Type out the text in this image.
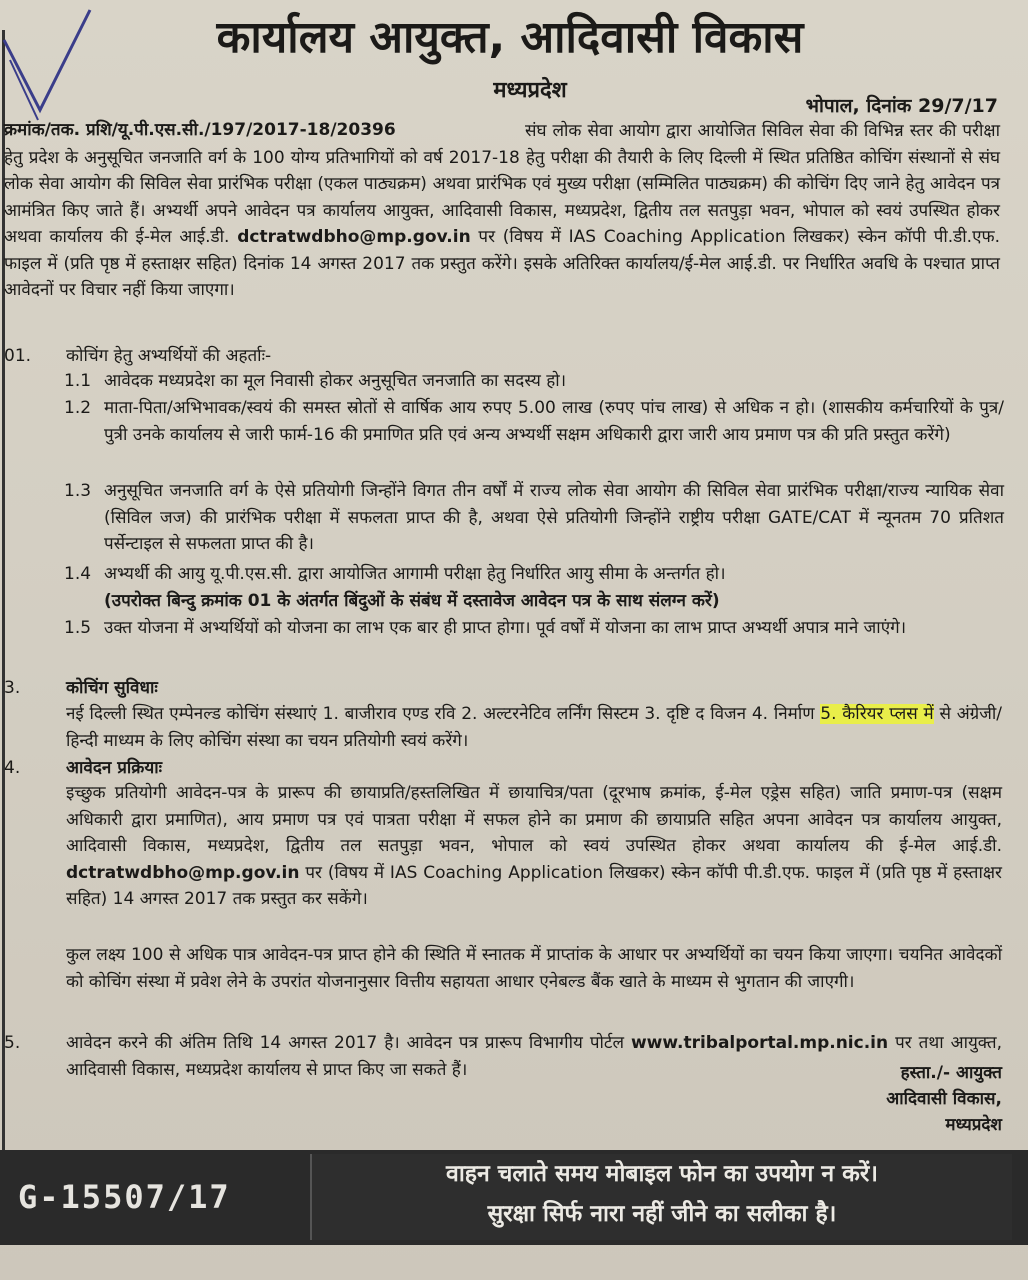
कार्यालय आयुक्त, आदिवासी विकास
मध्यप्रदेश
भोपाल, दिनांक 29/7/17
क्रमांक/तक. प्रशि/यू.पी.एस.सी./197/2017-18/20396	संघ लोक सेवा आयोग द्वारा आयोजित सिविल सेवा की विभिन्न स्तर की परीक्षा हेतु प्रदेश के अनुसूचित जनजाति वर्ग के 100 योग्य प्रतिभागियों को वर्ष 2017-18 हेतु परीक्षा की तैयारी के लिए दिल्ली में स्थित प्रतिष्ठित कोचिंग संस्थानों से संघ लोक सेवा आयोग की सिविल सेवा प्रारंभिक परीक्षा (एकल पाठ्यक्रम) अथवा प्रारंभिक एवं मुख्य परीक्षा (सम्मिलित पाठ्यक्रम) की कोचिंग दिए जाने हेतु आवेदन पत्र आमंत्रित किए जाते हैं। अभ्यर्थी अपने आवेदन पत्र कार्यालय आयुक्त, आदिवासी विकास, मध्यप्रदेश, द्वितीय तल सतपुड़ा भवन, भोपाल को स्वयं उपस्थित होकर अथवा कार्यालय की ई-मेल आई.डी. dctratwdbho@mp.gov.in पर (विषय में IAS Coaching Application लिखकर) स्केन कॉपी पी.डी.एफ. फाइल में (प्रति पृष्ठ में हस्ताक्षर सहित) दिनांक 14 अगस्त 2017 तक प्रस्तुत करेंगे। इसके अतिरिक्त कार्यालय/ई-मेल आई.डी. पर निर्धारित अवधि के पश्चात प्राप्त आवेदनों पर विचार नहीं किया जाएगा।
01.	कोचिंग हेतु अभ्यर्थियों की अहर्ताः-
1.1 आवेदक मध्यप्रदेश का मूल निवासी होकर अनुसूचित जनजाति का सदस्य हो।
1.2 माता-पिता/अभिभावक/स्वयं की समस्त स्रोतों से वार्षिक आय रुपए 5.00 लाख (रुपए पांच लाख) से अधिक न हो। (शासकीय कर्मचारियों के पुत्र/पुत्री उनके कार्यालय से जारी फार्म-16 की प्रमाणित प्रति एवं अन्य अभ्यर्थी सक्षम अधिकारी द्वारा जारी आय प्रमाण पत्र की प्रति प्रस्तुत करेंगे)
1.3 अनुसूचित जनजाति वर्ग के ऐसे प्रतियोगी जिन्होंने विगत तीन वर्षों में राज्य लोक सेवा आयोग की सिविल सेवा प्रारंभिक परीक्षा/राज्य न्यायिक सेवा (सिविल जज) की प्रारंभिक परीक्षा में सफलता प्राप्त की है, अथवा ऐसे प्रतियोगी जिन्होंने राष्ट्रीय परीक्षा GATE/CAT में न्यूनतम 70 प्रतिशत पर्सेन्टाइल से सफलता प्राप्त की है।
1.4 अभ्यर्थी की आयु यू.पी.एस.सी. द्वारा आयोजित आगामी परीक्षा हेतु निर्धारित आयु सीमा के अन्तर्गत हो।
(उपरोक्त बिन्दु क्रमांक 01 के अंतर्गत बिंदुओं के संबंध में दस्तावेज आवेदन पत्र के साथ संलग्न करें)
1.5 उक्त योजना में अभ्यर्थियों को योजना का लाभ एक बार ही प्राप्त होगा। पूर्व वर्षों में योजना का लाभ प्राप्त अभ्यर्थी अपात्र माने जाएंगे।
3.	कोचिंग सुविधाः
नई दिल्ली स्थित एम्पेनल्ड कोचिंग संस्थाएं 1. बाजीराव एण्ड रवि 2. अल्टरनेटिव लर्निंग सिस्टम 3. दृष्टि द विजन 4. निर्माण 5. कैरियर प्लस में से अंग्रेजी/हिन्दी माध्यम के लिए कोचिंग संस्था का चयन प्रतियोगी स्वयं करेंगे।
4.	आवेदन प्रक्रियाः
इच्छुक प्रतियोगी आवेदन-पत्र के प्रारूप की छायाप्रति/हस्तलिखित में छायाचित्र/पता (दूरभाष क्रमांक, ई-मेल एड्रेस सहित) जाति प्रमाण-पत्र (सक्षम अधिकारी द्वारा प्रमाणित), आय प्रमाण पत्र एवं पात्रता परीक्षा में सफल होने का प्रमाण की छायाप्रति सहित अपना आवेदन पत्र कार्यालय आयुक्त, आदिवासी विकास, मध्यप्रदेश, द्वितीय तल सतपुड़ा भवन, भोपाल को स्वयं उपस्थित होकर अथवा कार्यालय की ई-मेल आई.डी. dctratwdbho@mp.gov.in पर (विषय में IAS Coaching Application लिखकर) स्केन कॉपी पी.डी.एफ. फाइल में (प्रति पृष्ठ में हस्ताक्षर सहित) 14 अगस्त 2017 तक प्रस्तुत कर सकेंगे।
कुल लक्ष्य 100 से अधिक पात्र आवेदन-पत्र प्राप्त होने की स्थिति में स्नातक में प्राप्तांक के आधार पर अभ्यर्थियों का चयन किया जाएगा। चयनित आवेदकों को कोचिंग संस्था में प्रवेश लेने के उपरांत योजनानुसार वित्तीय सहायता आधार एनेबल्ड बैंक खाते के माध्यम से भुगतान की जाएगी।
5.	आवेदन करने की अंतिम तिथि 14 अगस्त 2017 है। आवेदन पत्र प्रारूप विभागीय पोर्टल www.tribalportal.mp.nic.in पर तथा आयुक्त, आदिवासी विकास, मध्यप्रदेश कार्यालय से प्राप्त किए जा सकते हैं।	हस्ता./- आयुक्त
आदिवासी विकास,
मध्यप्रदेश
G-15507/17
वाहन चलाते समय मोबाइल फोन का उपयोग न करें।
सुरक्षा सिर्फ नारा नहीं जीने का सलीका है।
